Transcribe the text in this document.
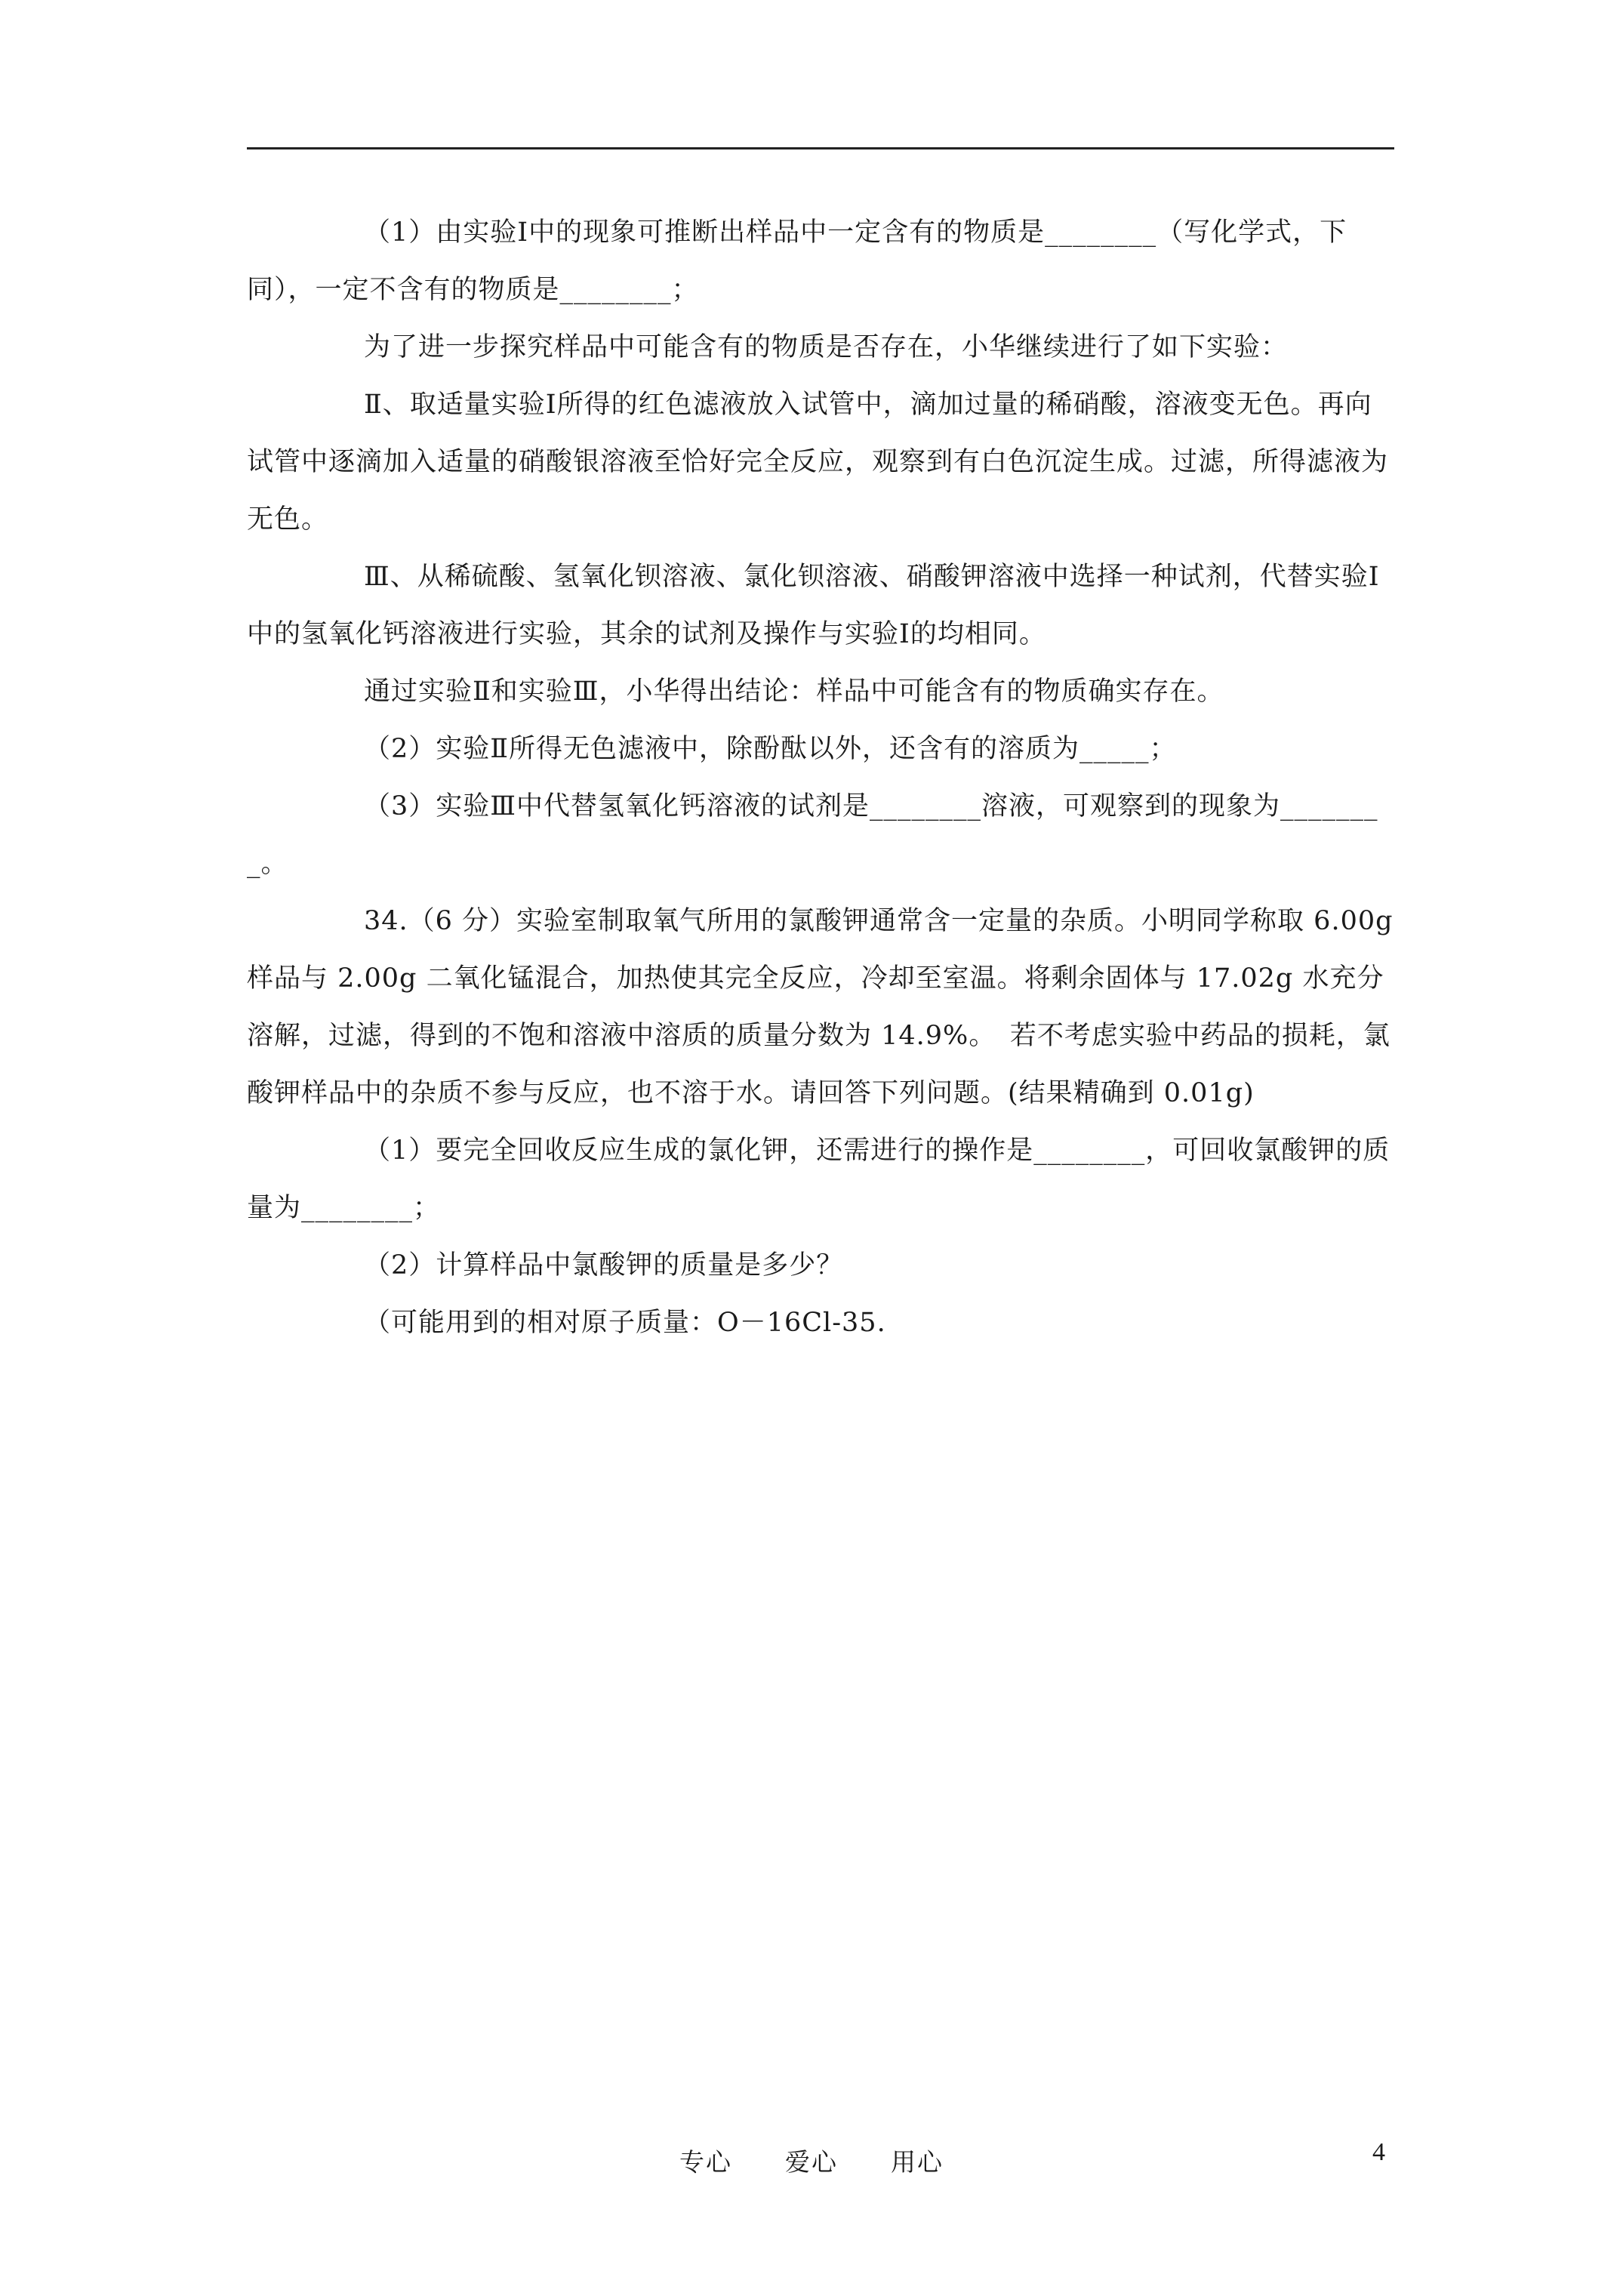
（1）由实验Ⅰ中的现象可推断出样品中一定含有的物质是________（写化学式，下同），一定不含有的物质是________；

为了进一步探究样品中可能含有的物质是否存在，小华继续进行了如下实验：

Ⅱ、取适量实验Ⅰ所得的红色滤液放入试管中，滴加过量的稀硝酸，溶液变无色。再向试管中逐滴加入适量的硝酸银溶液至恰好完全反应，观察到有白色沉淀生成。过滤，所得滤液为无色。

Ⅲ、从稀硫酸、氢氧化钡溶液、氯化钡溶液、硝酸钾溶液中选择一种试剂，代替实验Ⅰ中的氢氧化钙溶液进行实验，其余的试剂及操作与实验Ⅰ的均相同。

通过实验Ⅱ和实验Ⅲ，小华得出结论：样品中可能含有的物质确实存在。

（2）实验Ⅱ所得无色滤液中，除酚酞以外，还含有的溶质为_____；

（3）实验Ⅲ中代替氢氧化钙溶液的试剂是________溶液，可观察到的现象为________。

34.（6 分）实验室制取氧气所用的氯酸钾通常含一定量的杂质。小明同学称取 6.00g 样品与 2.00g 二氧化锰混合，加热使其完全反应，冷却至室温。将剩余固体与 17.02g 水充分溶解，过滤，得到的不饱和溶液中溶质的质量分数为 14.9%。　若不考虑实验中药品的损耗，氯酸钾样品中的杂质不参与反应，也不溶于水。请回答下列问题。(结果精确到 0.01g)

（1）要完全回收反应生成的氯化钾，还需进行的操作是________，可回收氯酸钾的质量为________；

（2）计算样品中氯酸钾的质量是多少？

（可能用到的相对原子质量：O－16Cl-35.

专心　　爱心　　用心	4
